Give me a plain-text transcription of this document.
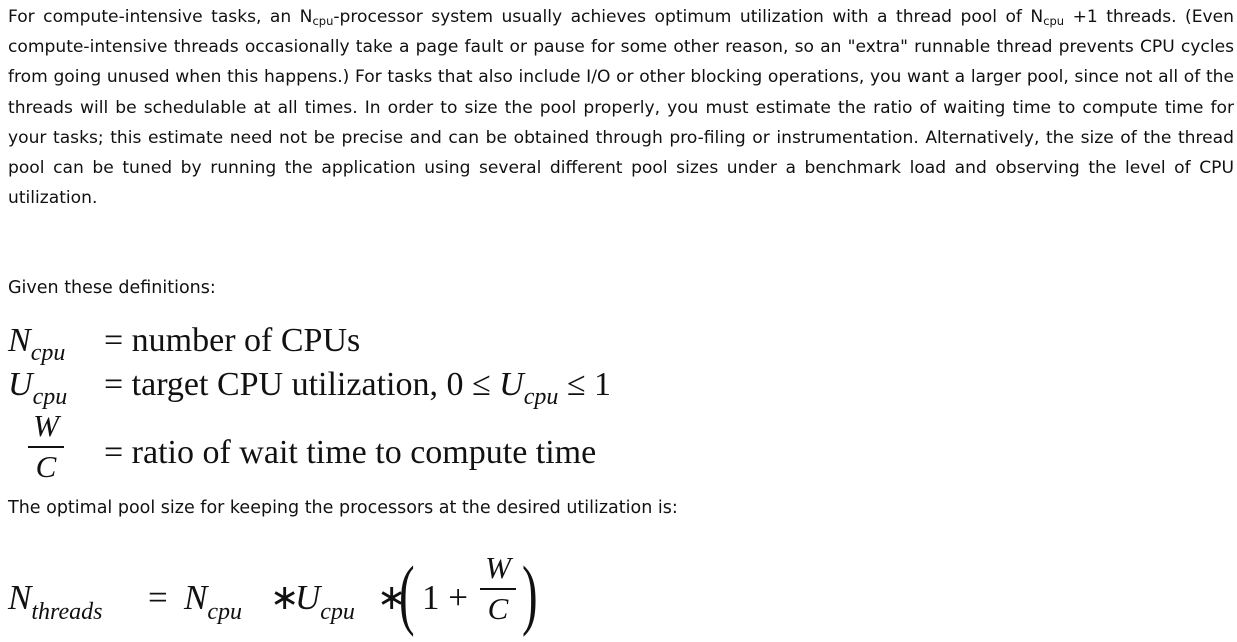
For compute-intensive tasks, an $N_{cpu}$-processor system usually achieves optimum utilization with a thread pool of $N_{cpu} +1$ threads. (Even compute-intensive threads occasionally take a page fault or pause for some other reason, so an "extra" runnable thread prevents CPU cycles from going unused when this happens.) For tasks that also include I/O or other blocking operations, you want a larger pool, since not all of the threads will be schedulable at all times. In order to size the pool properly, you must estimate the ratio of waiting time to compute time for your tasks; this estimate need not be precise and can be obtained through pro-filing or instrumentation. Alternatively, the size of the thread pool can be tuned by running the application using several different pool sizes under a benchmark load and observing the level of CPU utilization.

Given these definitions:

$N_{cpu}$ = number of CPUs
$U_{cpu}$ = target CPU utilization, $0 \le U_{cpu} \le 1$
W
C = ratio of wait time to compute time

The optimal pool size for keeping the processors at the desired utilization is:

$N_{threads} = N_{cpu}$ ∗
$U_{cpu}$ ∗
( 1 +
W
C )
